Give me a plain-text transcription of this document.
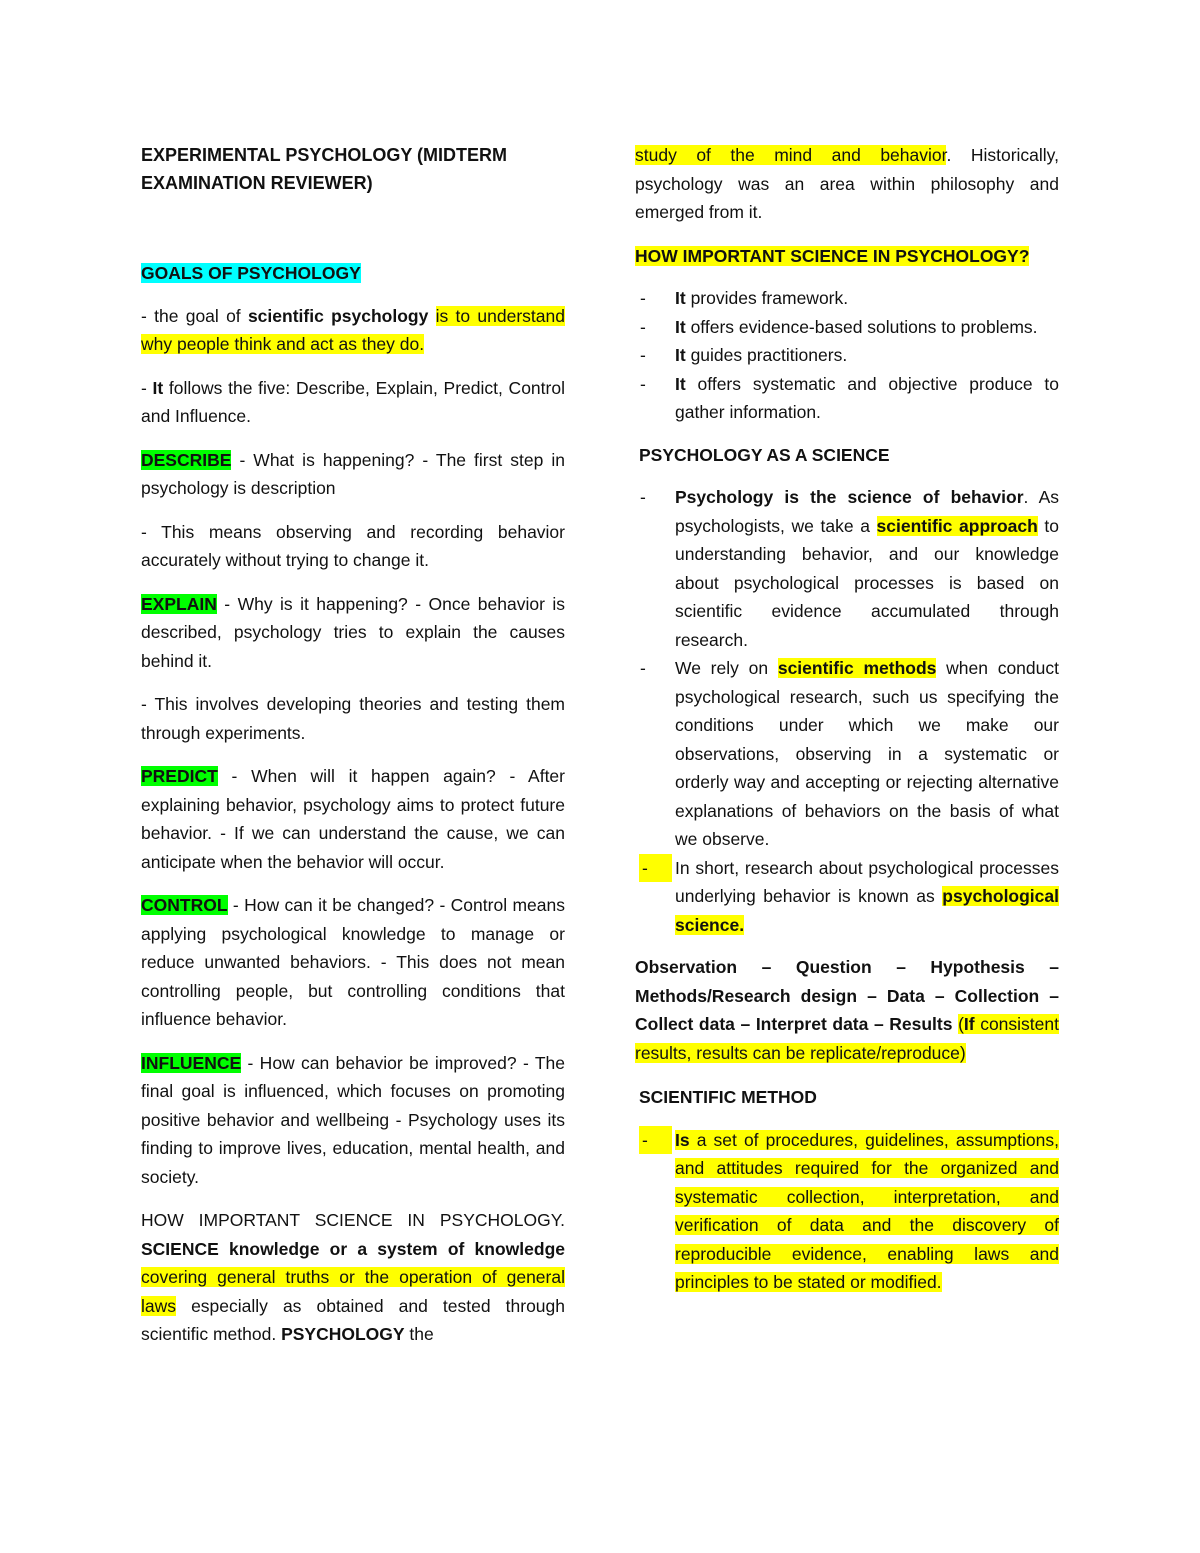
EXPERIMENTAL PSYCHOLOGY (MIDTERM EXAMINATION REVIEWER)

GOALS OF PSYCHOLOGY

- the goal of scientific psychology is to understand why people think and act as they do.

- It follows the five: Describe, Explain, Predict, Control and Influence.

DESCRIBE - What is happening? - The first step in psychology is description

- This means observing and recording behavior accurately without trying to change it.

EXPLAIN - Why is it happening? - Once behavior is described, psychology tries to explain the causes behind it.

- This involves developing theories and testing them through experiments.

PREDICT - When will it happen again? - After explaining behavior, psychology aims to protect future behavior. - If we can understand the cause, we can anticipate when the behavior will occur.

CONTROL - How can it be changed? - Control means applying psychological knowledge to manage or reduce unwanted behaviors. - This does not mean controlling people, but controlling conditions that influence behavior.

INFLUENCE - How can behavior be improved? - The final goal is influenced, which focuses on promoting positive behavior and wellbeing - Psychology uses its finding to improve lives, education, mental health, and society.

HOW IMPORTANT SCIENCE IN PSYCHOLOGY. SCIENCE knowledge or a system of knowledge covering general truths or the operation of general laws especially as obtained and tested through scientific method. PSYCHOLOGY the

study of the mind and behavior. Historically, psychology was an area within philosophy and emerged from it.

HOW IMPORTANT SCIENCE IN PSYCHOLOGY?

- It provides framework.
- It offers evidence-based solutions to problems.
- It guides practitioners.
- It offers systematic and objective produce to gather information.

PSYCHOLOGY AS A SCIENCE

- Psychology is the science of behavior. As psychologists, we take a scientific approach to understanding behavior, and our knowledge about psychological processes is based on scientific evidence accumulated through research.
- We rely on scientific methods when conduct psychological research, such us specifying the conditions under which we make our observations, observing in a systematic or orderly way and accepting or rejecting alternative explanations of behaviors on the basis of what we observe.
-	In short, research about psychological processes underlying behavior is known as psychological science.

Observation – Question – Hypothesis – Methods/Research design – Data – Collection – Collect data – Interpret data – Results (If consistent results, results can be replicate/reproduce)

SCIENTIFIC METHOD

-	Is a set of procedures, guidelines, assumptions, and attitudes required for the organized and systematic collection, interpretation, and verification of data and the discovery of reproducible evidence, enabling laws and principles to be stated or modified.
